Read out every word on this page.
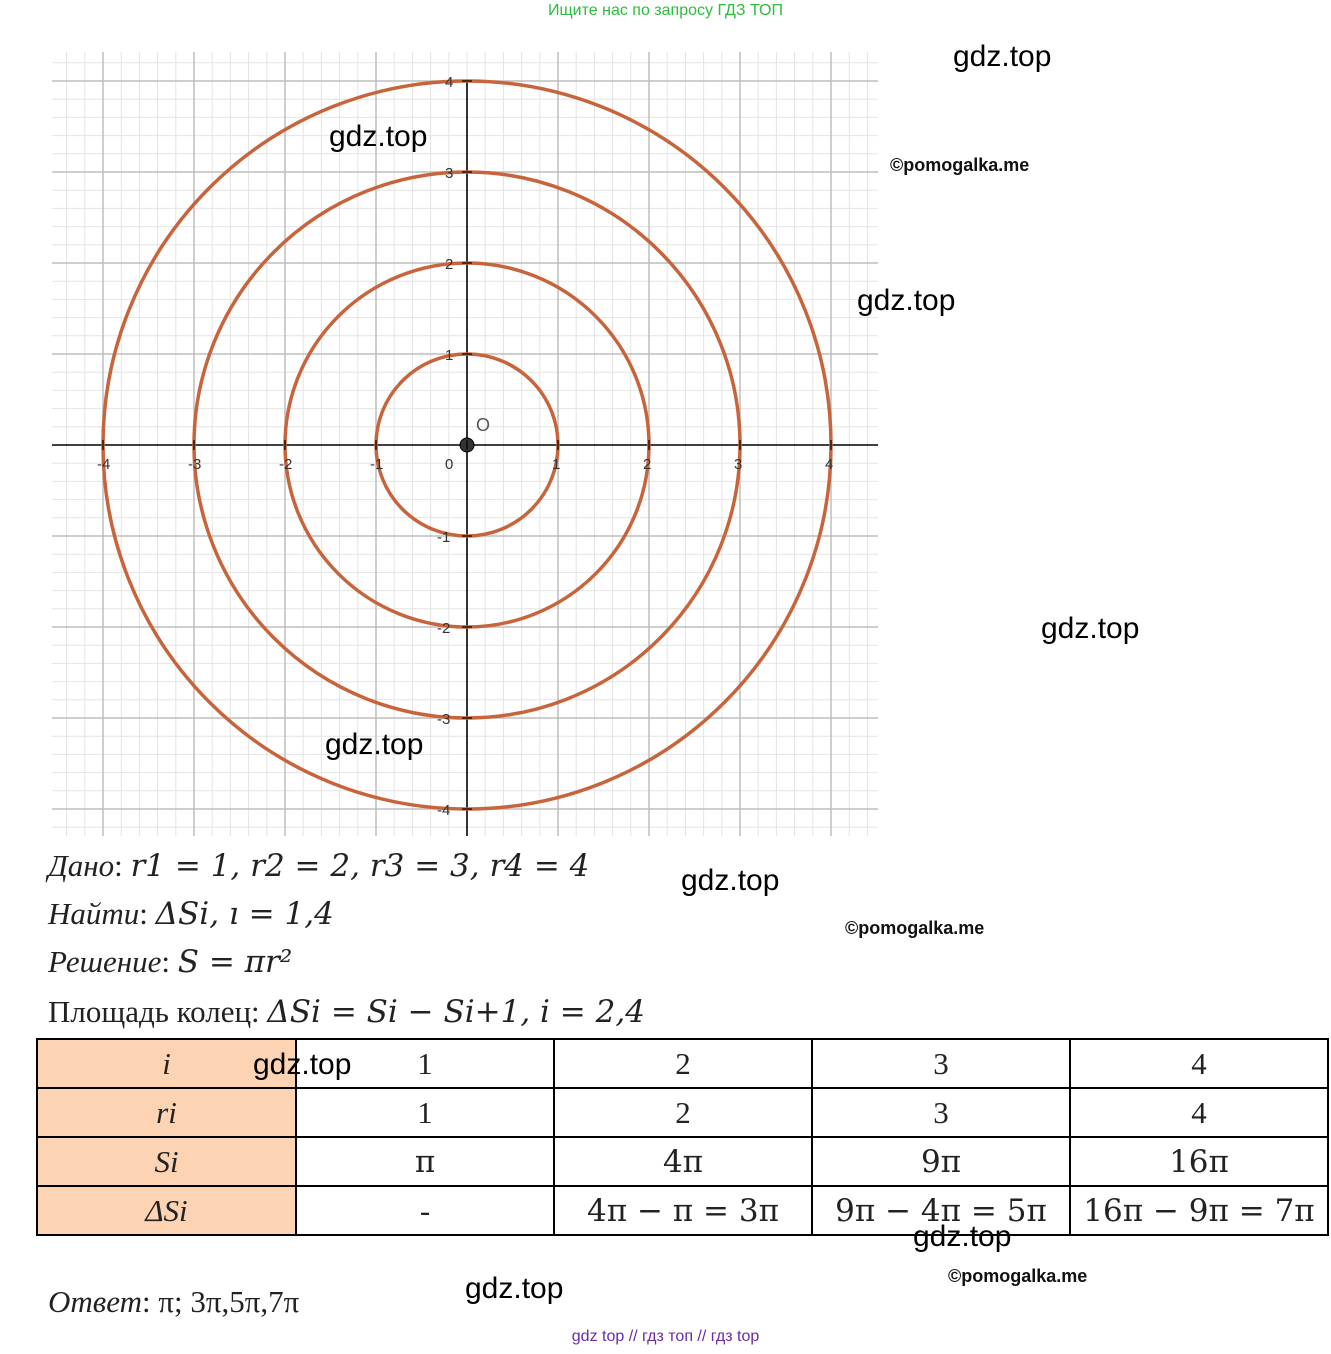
Ищите нас по запросу ГДЗ ТОП
O
-4	-3	-2	-1	0	1	2	3	4
4
3
2
1
-1
-2
-3
-4
gdz.top
gdz.top
gdz.top
gdz.top
gdz.top
gdz.top
©pomogalka.me
©pomogalka.me
©pomogalka.me
Дано: r1 = 1, r2 = 2, r3 = 3, r4 = 4
Найти: ΔSi, ı = 1,4
Решение: S = πr²
Площадь колец: ΔSi = Si − Si+1, i = 2,4
i	1	2	3	4
ri	1	2	3	4
Si	π	4π	9π	16π
ΔSi	-	4π − π = 3π	9π − 4π = 5π	16π − 9π = 7π
gdz.top
gdz.top
gdz.top
Ответ: π; 3π,5π,7π
gdz top // гдз топ // гдз top
